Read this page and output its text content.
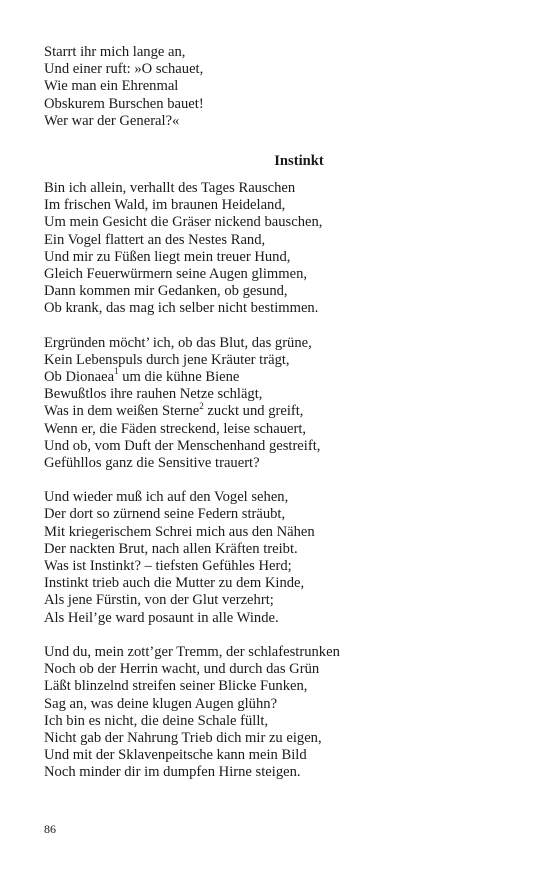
Starrt ihr mich lange an,
Und einer ruft: »O schauet,
Wie man ein Ehrenmal
Obskurem Burschen bauet!
Wer war der General?«
Instinkt
Bin ich allein, verhallt des Tages Rauschen
Im frischen Wald, im braunen Heideland,
Um mein Gesicht die Gräser nickend bauschen,
Ein Vogel flattert an des Nestes Rand,
Und mir zu Füßen liegt mein treuer Hund,
Gleich Feuerwürmern seine Augen glimmen,
Dann kommen mir Gedanken, ob gesund,
Ob krank, das mag ich selber nicht bestimmen.
Ergründen möcht’ ich, ob das Blut, das grüne,
Kein Lebenspuls durch jene Kräuter trägt,
Ob Dionaea$^1$ um die kühne Biene
Bewußtlos ihre rauhen Netze schlägt,
Was in dem weißen Sterne$^2$ zuckt und greift,
Wenn er, die Fäden streckend, leise schauert,
Und ob, vom Duft der Menschenhand gestreift,
Gefühllos ganz die Sensitive trauert?
Und wieder muß ich auf den Vogel sehen,
Der dort so zürnend seine Federn sträubt,
Mit kriegerischem Schrei mich aus den Nähen
Der nackten Brut, nach allen Kräften treibt.
Was ist Instinkt? – tiefsten Gefühles Herd;
Instinkt trieb auch die Mutter zu dem Kinde,
Als jene Fürstin, von der Glut verzehrt;
Als Heil’ge ward posaunt in alle Winde.
Und du, mein zott’ger Tremm, der schlafestrunken
Noch ob der Herrin wacht, und durch das Grün
Läßt blinzelnd streifen seiner Blicke Funken,
Sag an, was deine klugen Augen glühn?
Ich bin es nicht, die deine Schale füllt,
Nicht gab der Nahrung Trieb dich mir zu eigen,
Und mit der Sklavenpeitsche kann mein Bild
Noch minder dir im dumpfen Hirne steigen.
86
